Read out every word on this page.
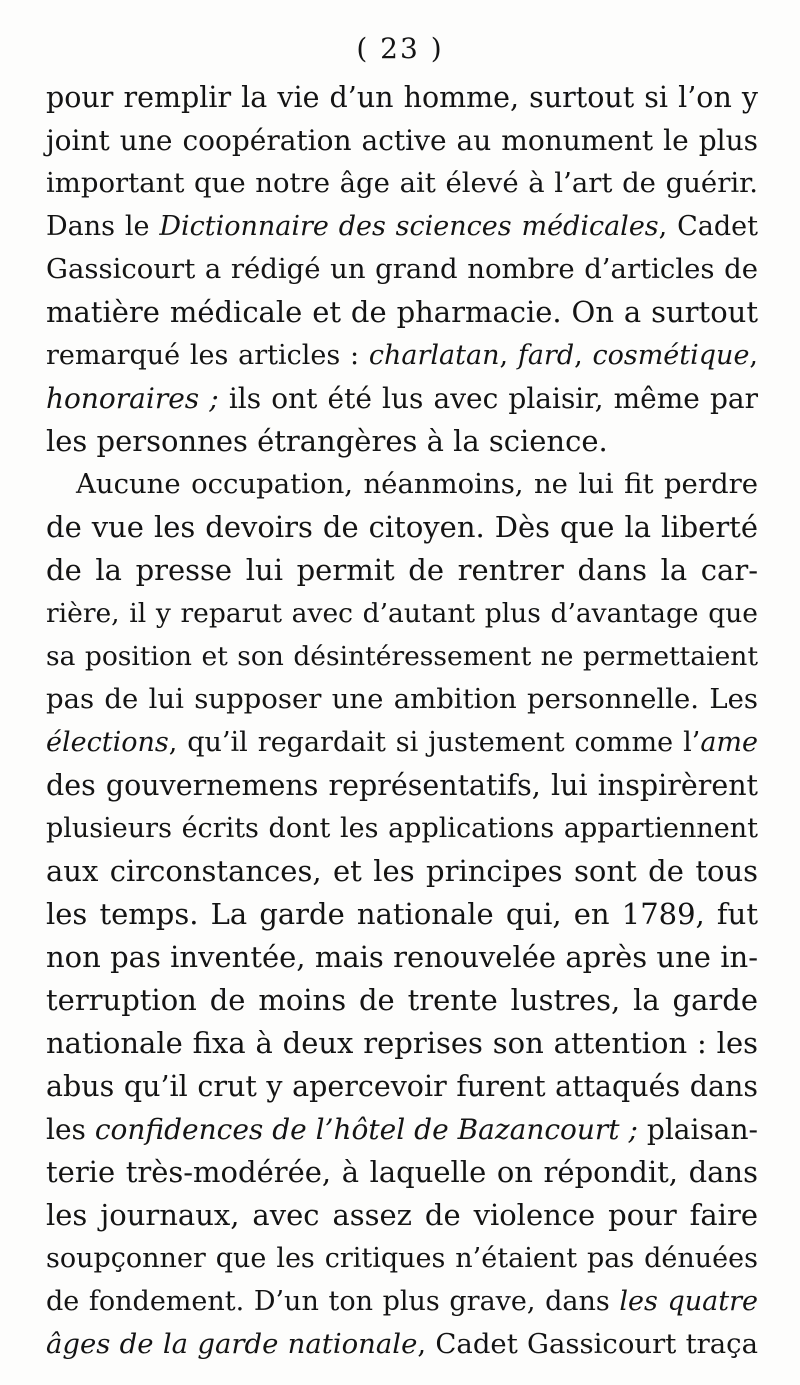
( 23 )
pour remplir la vie d’un homme, surtout si l’on y
joint une coopération active au monument le plus
important que notre âge ait élevé à l’art de guérir.
Dans le Dictionnaire des sciences médicales, Cadet
Gassicourt a rédigé un grand nombre d’articles de
matière médicale et de pharmacie. On a surtout
remarqué les articles : charlatan, fard, cosmétique,
honoraires ; ils ont été lus avec plaisir, même par
les personnes étrangères à la science.
Aucune occupation, néanmoins, ne lui fit perdre
de vue les devoirs de citoyen. Dès que la liberté
de la presse lui permit de rentrer dans la car-
rière, il y reparut avec d’autant plus d’avantage que
sa position et son désintéressement ne permettaient
pas de lui supposer une ambition personnelle. Les
élections, qu’il regardait si justement comme l’ame
des gouvernemens représentatifs, lui inspirèrent
plusieurs écrits dont les applications appartiennent
aux circonstances, et les principes sont de tous
les temps. La garde nationale qui, en 1789, fut
non pas inventée, mais renouvelée après une in-
terruption de moins de trente lustres, la garde
nationale fixa à deux reprises son attention : les
abus qu’il crut y apercevoir furent attaqués dans
les confidences de l’hôtel de Bazancourt ; plaisan-
terie très-modérée, à laquelle on répondit, dans
les journaux, avec assez de violence pour faire
soupçonner que les critiques n’étaient pas dénuées
de fondement. D’un ton plus grave, dans les quatre
âges de la garde nationale, Cadet Gassicourt traça
